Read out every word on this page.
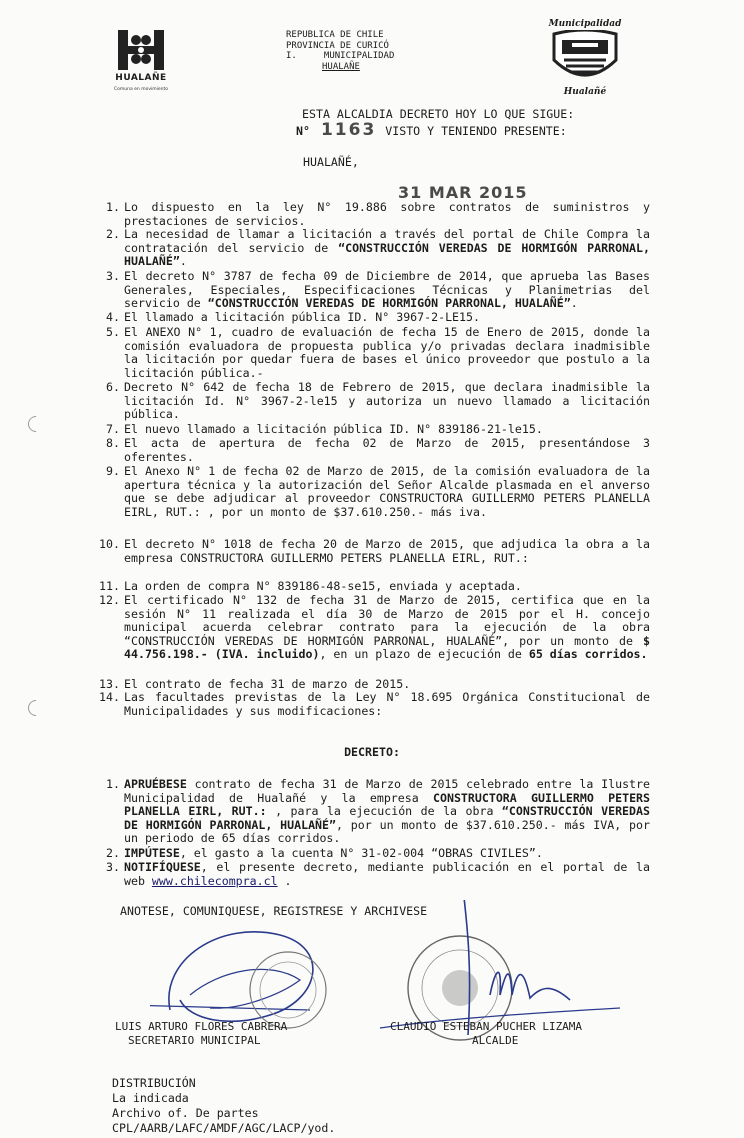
HUALAÑE
Comuna en movimiento
REPUBLICA DE CHILE
PROVINCIA DE CURICÓ
I.     MUNICIPALIDAD
HUALAÑE
Municipalidad
Hualañé
ESTA ALCALDIA DECRETO HOY LO QUE SIGUE:
N° 1163 VISTO Y TENIENDO PRESENTE:
HUALAÑÉ,
31 MAR 2015
1. Lo dispuesto en la ley N° 19.886 sobre contratos de suministros y prestaciones de servicios.
2. La necesidad de llamar a licitación a través del portal de Chile Compra la contratación del servicio de “CONSTRUCCIÓN VEREDAS DE HORMIGÓN PARRONAL, HUALAÑÉ”.
3. El decreto N° 3787 de fecha 09 de Diciembre de 2014, que aprueba las Bases Generales, Especiales, Especificaciones Técnicas y Planimetrias del servicio de “CONSTRUCCIÓN VEREDAS DE HORMIGÓN PARRONAL, HUALAÑÉ”.
4. El llamado a licitación pública ID. N° 3967-2-LE15.
5. El ANEXO N° 1, cuadro de evaluación de fecha 15 de Enero de 2015, donde la comisión evaluadora de propuesta publica y/o privadas declara inadmisible la licitación por quedar fuera de bases el único proveedor que postulo a la licitación pública.-
6. Decreto N° 642 de fecha 18 de Febrero de 2015, que declara inadmisible la licitación Id. N° 3967-2-le15 y autoriza un nuevo llamado a licitación pública.
7. El nuevo llamado a licitación pública ID. N° 839186-21-le15.
8. El acta de apertura de fecha 02 de Marzo de 2015, presentándose 3 oferentes.
9. El Anexo N° 1 de fecha 02 de Marzo de 2015, de la comisión evaluadora de la apertura técnica y la autorización del Señor Alcalde plasmada en el anverso que se debe adjudicar al proveedor CONSTRUCTORA GUILLERMO PETERS PLANELLA EIRL, RUT.: , por un monto de $37.610.250.- más iva.
10. El decreto N° 1018 de fecha 20 de Marzo de 2015, que adjudica la obra a la empresa CONSTRUCTORA GUILLERMO PETERS PLANELLA EIRL, RUT.:
11. La orden de compra N° 839186-48-se15, enviada y aceptada.
12. El certificado N° 132 de fecha 31 de Marzo de 2015, certifica que en la sesión N° 11 realizada el día 30 de Marzo de 2015 por el H. concejo municipal acuerda celebrar contrato para la ejecución de la obra “CONSTRUCCIÓN VEREDAS DE HORMIGÓN PARRONAL, HUALAÑÉ”, por un monto de $ 44.756.198.- (IVA. incluido), en un plazo de ejecución de 65 días corridos.
13. El contrato de fecha 31 de marzo de 2015.
14. Las facultades previstas de la Ley N° 18.695 Orgánica Constitucional de Municipalidades y sus modificaciones:
DECRETO:
1. APRUÉBESE contrato de fecha 31 de Marzo de 2015 celebrado entre la Ilustre Municipalidad de Hualañé y la empresa CONSTRUCTORA GUILLERMO PETERS PLANELLA EIRL, RUT.: , para la ejecución de la obra “CONSTRUCCIÓN VEREDAS DE HORMIGÓN PARRONAL, HUALAÑÉ”, por un monto de $37.610.250.- más IVA, por un periodo de 65 días corridos.
2. IMPÚTESE, el gasto a la cuenta N° 31-02-004 “OBRAS CIVILES”.
3. NOTIFÍQUESE, el presente decreto, mediante publicación en el portal de la web www.chilecompra.cl .
ANOTESE, COMUNIQUESE, REGISTRESE Y ARCHIVESE
LUIS ARTURO FLORES CABRERA
SECRETARIO MUNICIPAL
CLAUDIO ESTEBAN PUCHER LIZAMA
ALCALDE
DISTRIBUCIÓN
La indicada
Archivo of. De partes
CPL/AARB/LAFC/AMDF/AGC/LACP/yod.
